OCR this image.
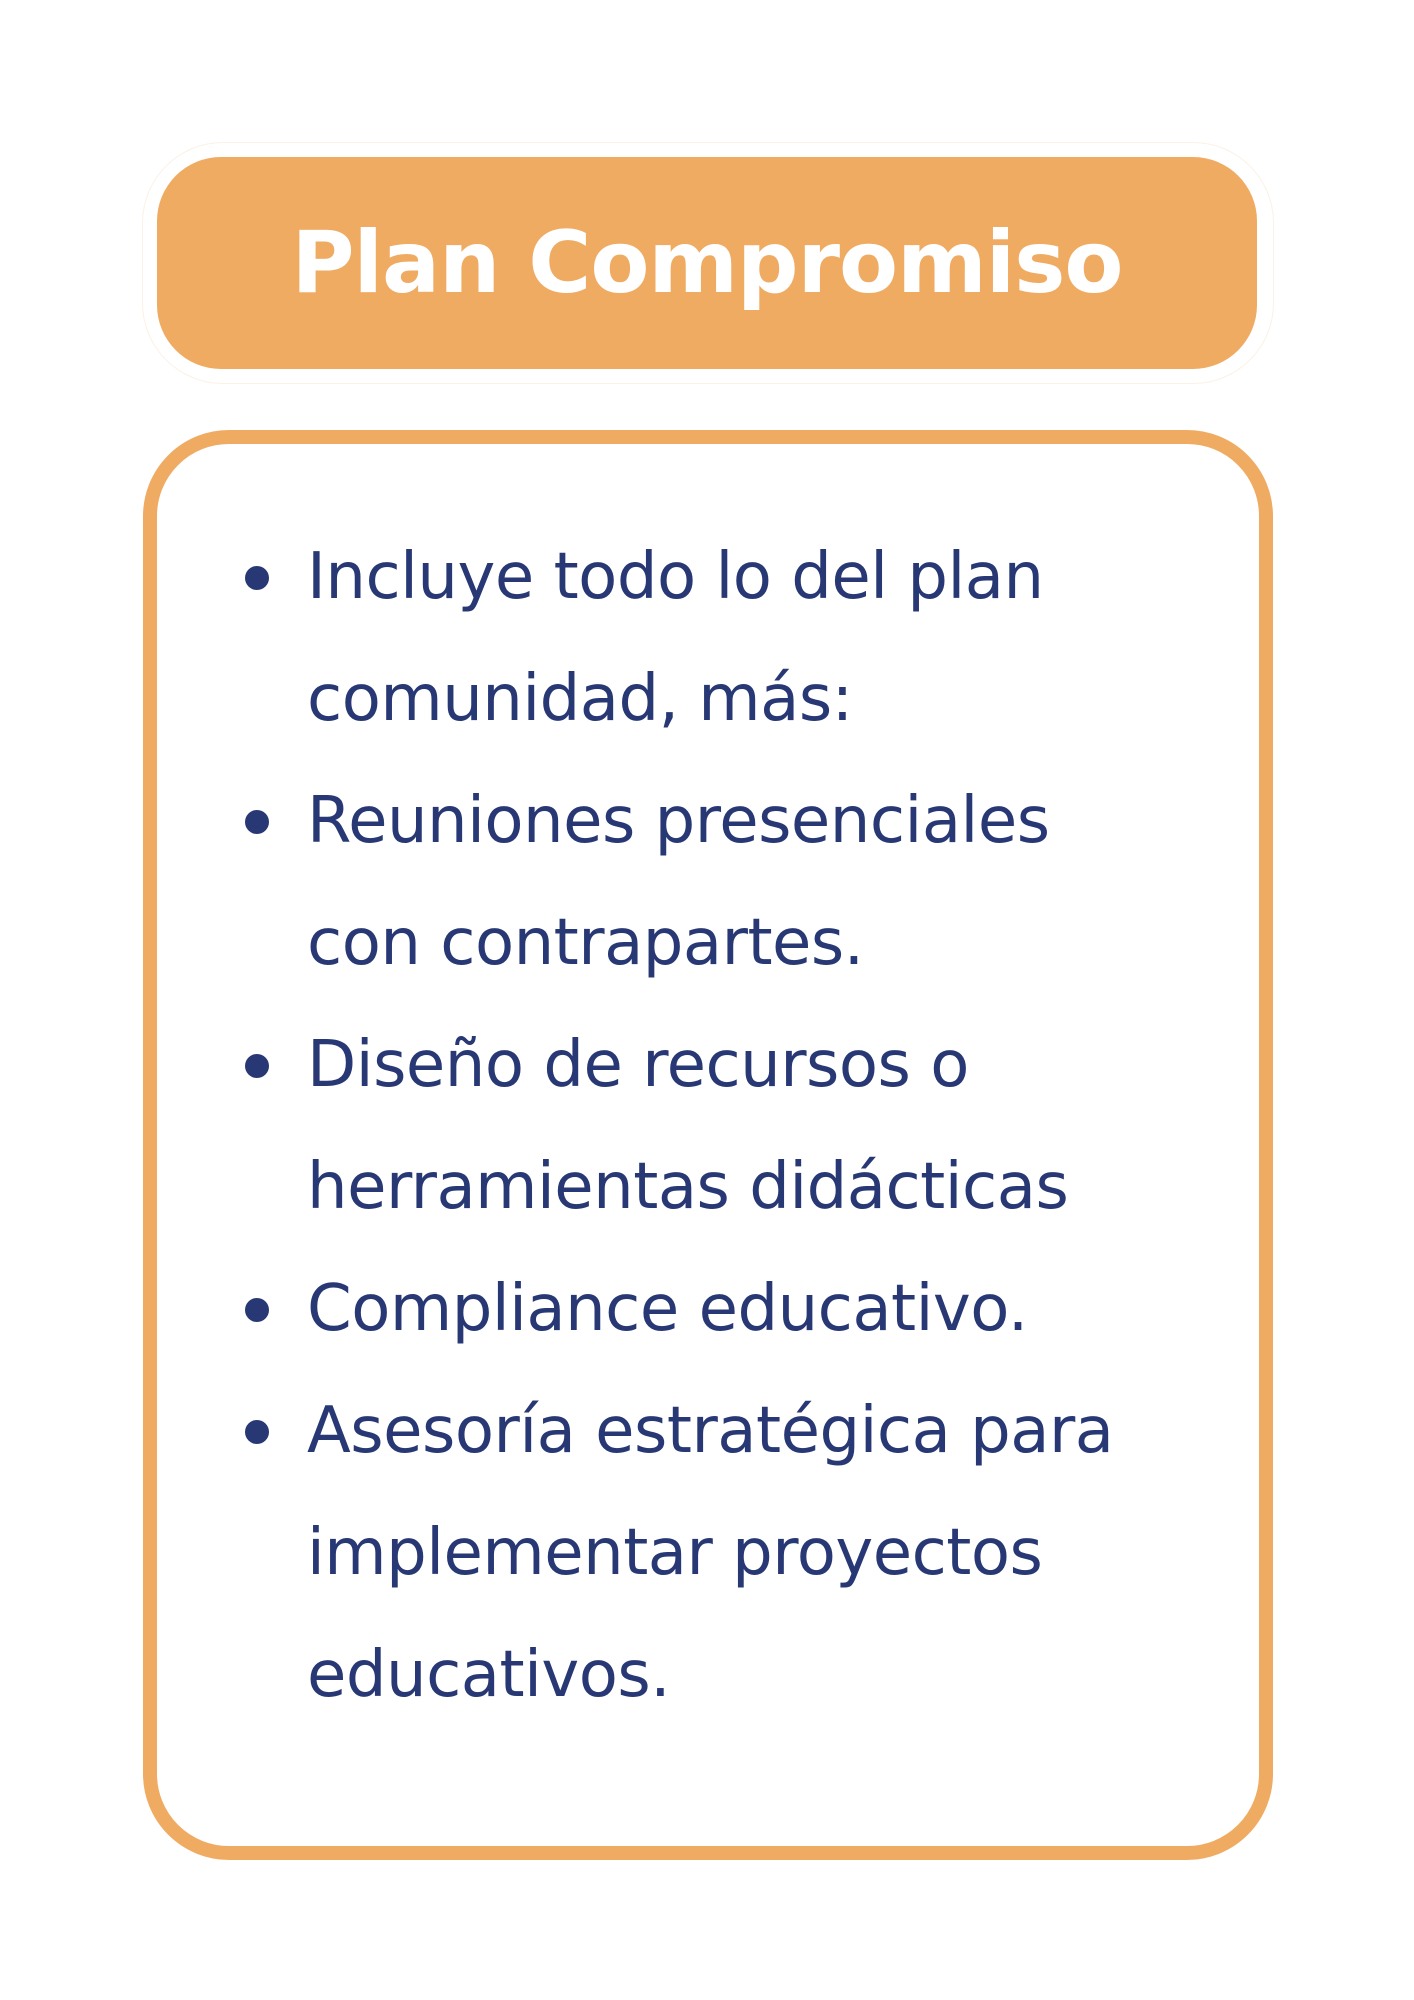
Plan Compromiso
Incluye todo lo del plan
comunidad, más:
Reuniones presenciales
con contrapartes.
Diseño de recursos o
herramientas didácticas
Compliance educativo.
Asesoría estratégica para
implementar proyectos
educativos.
